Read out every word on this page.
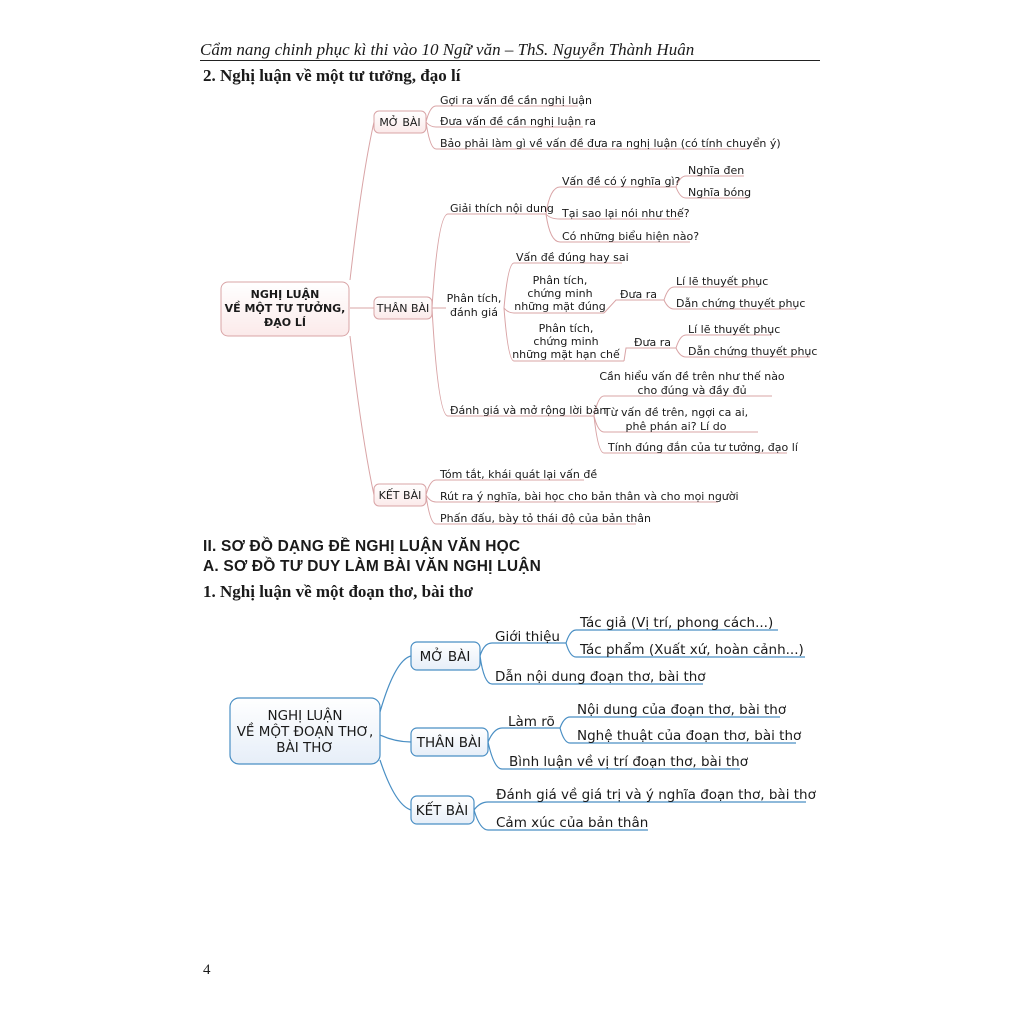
Cẩm nang chinh phục kì thi vào 10 Ngữ văn – ThS. Nguyễn Thành Huân
2. Nghị luận về một tư tưởng, đạo lí
NGHỊ LUẬN
VỀ MỘT TƯ TƯỞNG,
ĐẠO LÍ
MỞ BÀI
Gợi ra vấn đề cần nghị luận
Đưa vấn đề cần nghị luận ra
Bảo phải làm gì về vấn đề đưa ra nghị luận (có tính chuyển ý)
THÂN BÀI
Giải thích nội dung
Vấn đề có ý nghĩa gì?
Nghĩa đen
Nghĩa bóng
Tại sao lại nói như thế?
Có những biểu hiện nào?
Phân tích,
đánh giá
Vấn đề đúng hay sai
Phân tích,
chứng minh
những mặt đúng
Đưa ra
Lí lẽ thuyết phục
Dẫn chứng thuyết phục
Phân tích,
chứng minh
những mặt hạn chế
Đưa ra
Lí lẽ thuyết phục
Dẫn chứng thuyết phục
Đánh giá và mở rộng lời bàn
Cần hiểu vấn đề trên như thế nào
cho đúng và đầy đủ
Từ vấn đề trên, ngợi ca ai,
phê phán ai? Lí do
Tính đúng đắn của tư tưởng, đạo lí
KẾT BÀI
Tóm tắt, khái quát lại vấn đề
Rút ra ý nghĩa, bài học cho bản thân và cho mọi người
Phấn đấu, bày tỏ thái độ của bản thân
NGHỊ LUẬN
VỀ MỘT ĐOẠN THƠ,
BÀI THƠ
MỞ BÀI
Giới thiệu
Tác giả (Vị trí, phong cách...)
Tác phẩm (Xuất xứ, hoàn cảnh...)
Dẫn nội dung đoạn thơ, bài thơ
THÂN BÀI
Làm rõ
Nội dung của đoạn thơ, bài thơ
Nghệ thuật của đoạn thơ, bài thơ
Bình luận về vị trí đoạn thơ, bài thơ
KẾT BÀI
Đánh giá về giá trị và ý nghĩa đoạn thơ, bài thơ
Cảm xúc của bản thân
II. SƠ ĐỒ DẠNG ĐỀ NGHỊ LUẬN VĂN HỌC
A. SƠ ĐỒ TƯ DUY LÀM BÀI VĂN NGHỊ LUẬN
1. Nghị luận về một đoạn thơ, bài thơ
4
